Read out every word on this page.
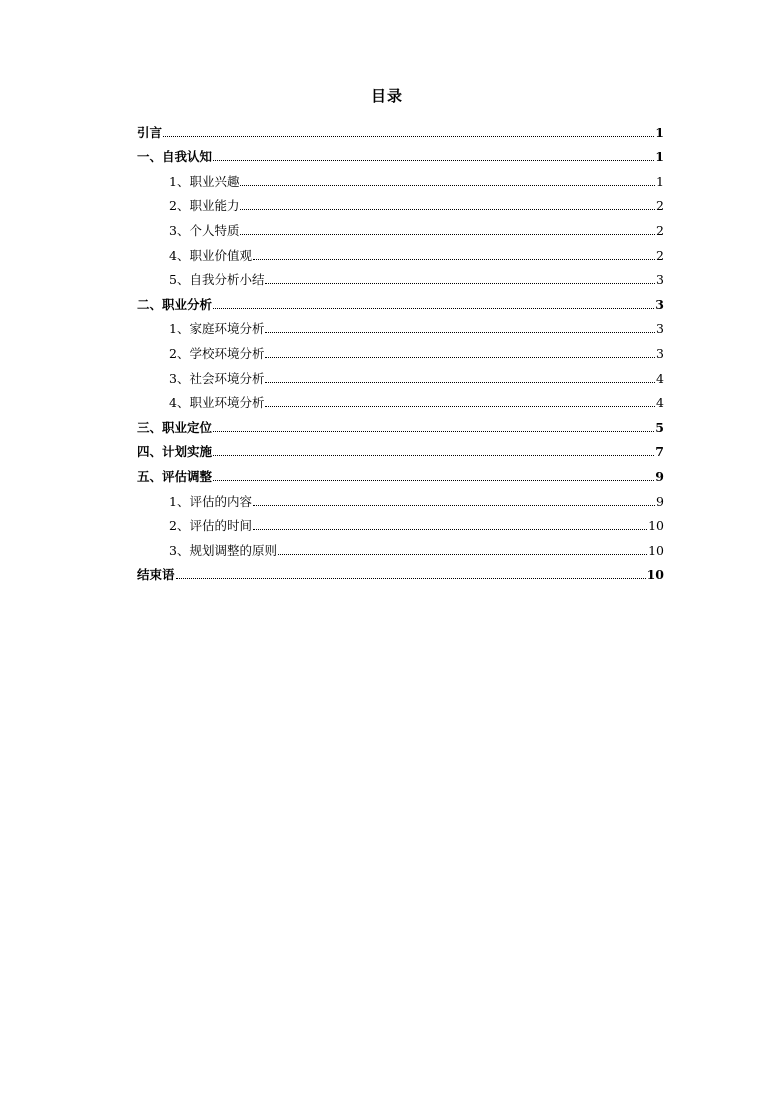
目录
引言	1
一、自我认知	1
1、职业兴趣	1
2、职业能力	2
3、个人特质	2
4、职业价值观	2
5、自我分析小结	3
二、职业分析	3
1、家庭环境分析	3
2、学校环境分析	3
3、社会环境分析	4
4、职业环境分析	4
三、职业定位	5
四、计划实施	7
五、评估调整	9
1、评估的内容	9
2、评估的时间	10
3、规划调整的原则	10
结束语	10
